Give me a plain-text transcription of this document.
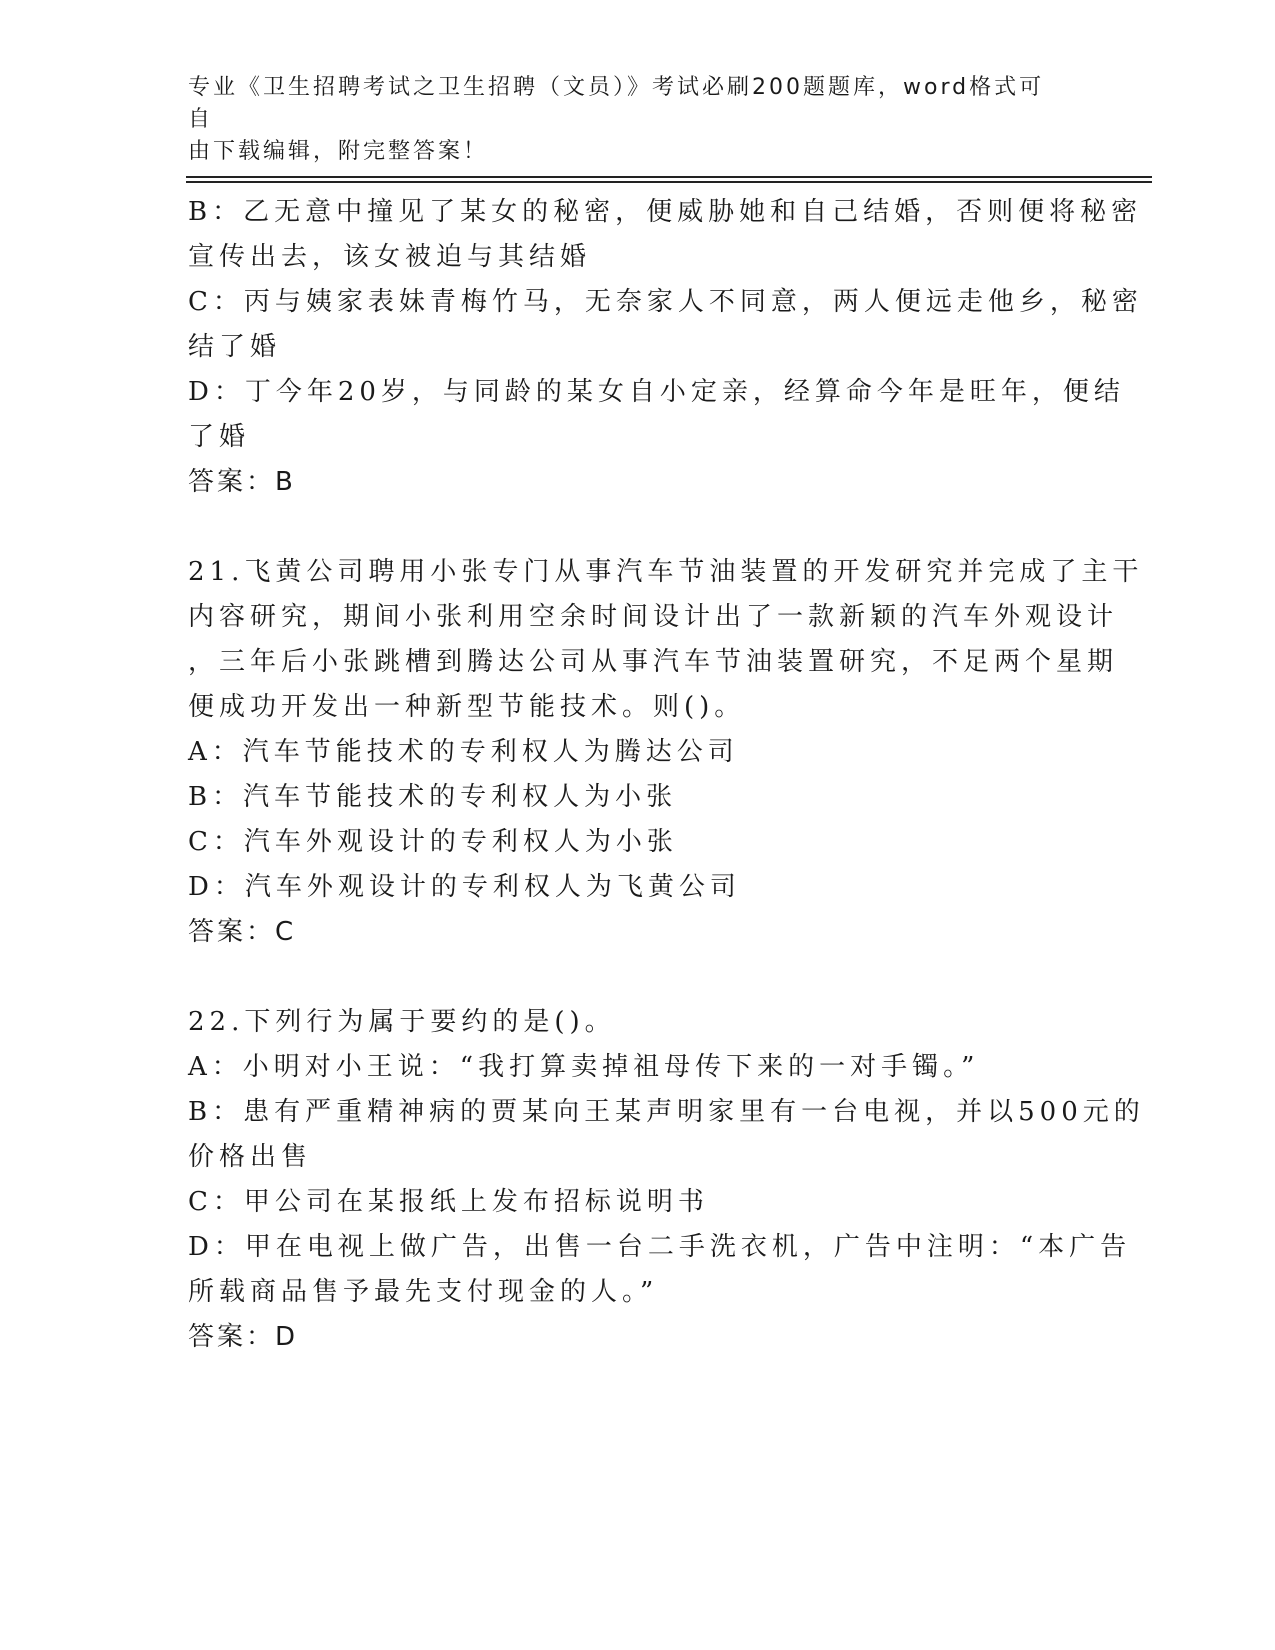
专业《卫生招聘考试之卫生招聘（文员）》考试必刷200题题库，word格式可自
由下载编辑，附完整答案！
B：乙无意中撞见了某女的秘密，便威胁她和自己结婚，否则便将秘密
宣传出去，该女被迫与其结婚
C：丙与姨家表妹青梅竹马，无奈家人不同意，两人便远走他乡，秘密
结了婚
D：丁今年20岁，与同龄的某女自小定亲，经算命今年是旺年，便结
了婚
答案：B
21.飞黄公司聘用小张专门从事汽车节油装置的开发研究并完成了主干
内容研究，期间小张利用空余时间设计出了一款新颖的汽车外观设计
，三年后小张跳槽到腾达公司从事汽车节油装置研究，不足两个星期
便成功开发出一种新型节能技术。则()。
A：汽车节能技术的专利权人为腾达公司
B：汽车节能技术的专利权人为小张
C：汽车外观设计的专利权人为小张
D：汽车外观设计的专利权人为飞黄公司
答案：C
22.下列行为属于要约的是()。
A：小明对小王说：“我打算卖掉祖母传下来的一对手镯。”
B：患有严重精神病的贾某向王某声明家里有一台电视，并以500元的
价格出售
C：甲公司在某报纸上发布招标说明书
D：甲在电视上做广告，出售一台二手洗衣机，广告中注明：“本广告
所载商品售予最先支付现金的人。”
答案：D
